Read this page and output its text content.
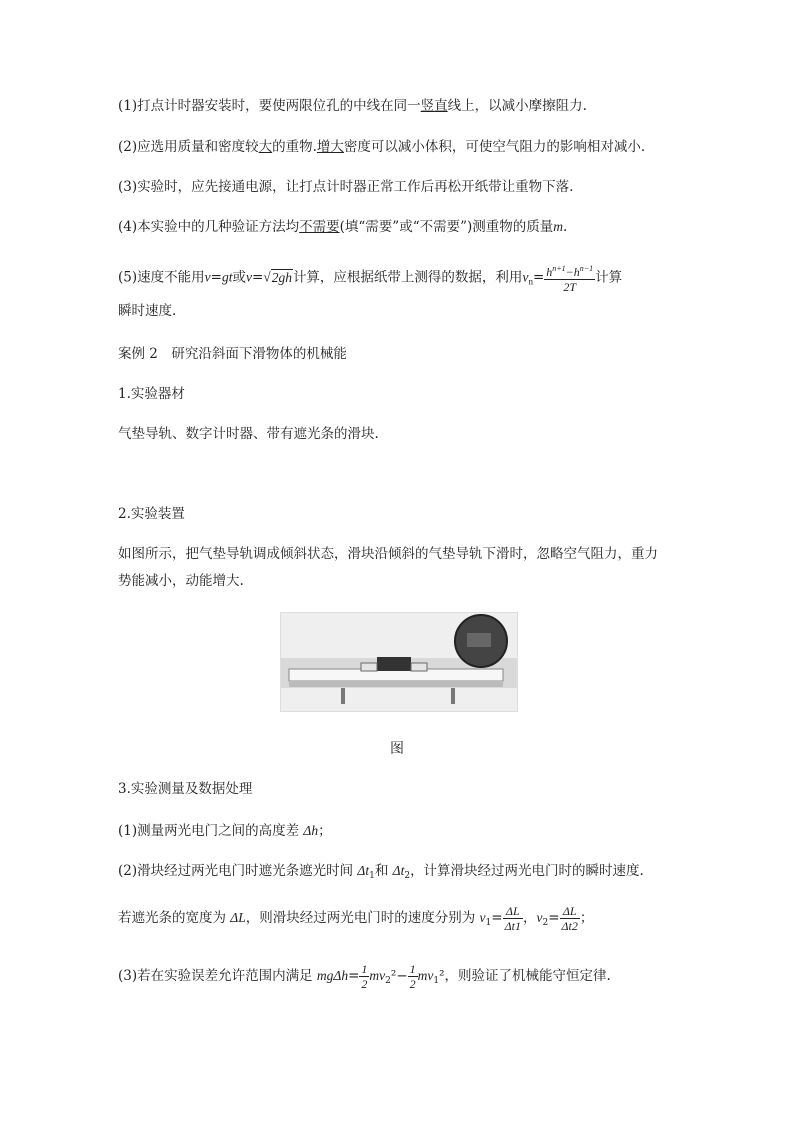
(1)打点计时器安装时，要使两限位孔的中线在同一竖直线上，以减小摩擦阻力.
(2)应选用质量和密度较大的重物.增大密度可以减小体积，可使空气阻力的影响相对减小.
(3)实验时，应先接通电源，让打点计时器正常工作后再松开纸带让重物下落.
(4)本实验中的几种验证方法均不需要(填“需要”或“不需要”)测重物的质量m.
(5)速度不能用v=gt或v=√2gh计算，应根据纸带上测得的数据，利用$v_n= \frac{h^{n+1}-h^{n-1}}{2T}$ 计算
瞬时速度.
案例 2　研究沿斜面下滑物体的机械能
1.实验器材
气垫导轨、数字计时器、带有遮光条的滑块.
2.实验装置
如图所示，把气垫导轨调成倾斜状态，滑块沿倾斜的气垫导轨下滑时，忽略空气阻力，重力
势能减小，动能增大.
图
3.实验测量及数据处理
(1)测量两光电门之间的高度差 Δh；
(2)滑块经过两光电门时遮光条遮光时间 $\Delta t_1$和 $\Delta t_2$，计算滑块经过两光电门时的瞬时速度.
若遮光条的宽度为 ΔL，则滑块经过两光电门时的速度分别为 $v_1= \frac{\Delta L}{\Delta t1}$ ，$v_2= \frac{\Delta L}{\Delta t2}$ ；
(3)若在实验误差允许范围内满足 $mg\Delta h= \frac{1}{2} mv_2^2- \frac{1}{2} mv_1^2$，则验证了机械能守恒定律.
